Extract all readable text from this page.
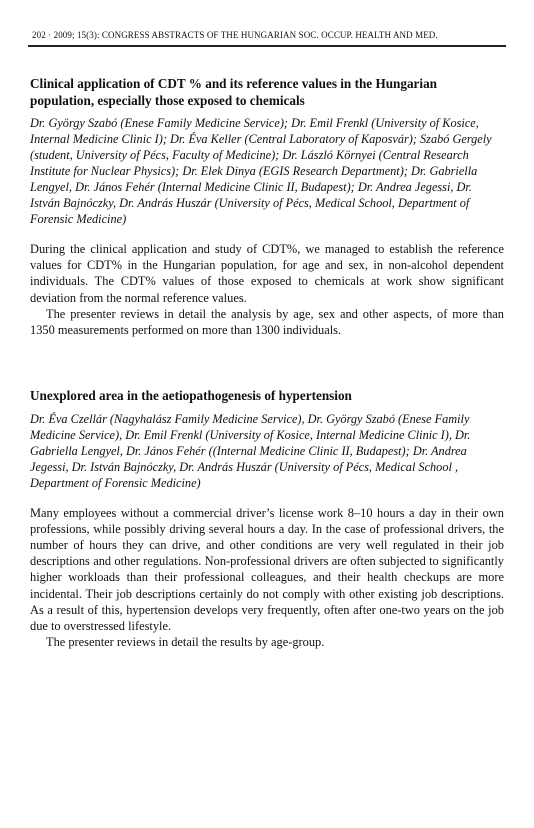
202 · 2009; 15(3): CONGRESS ABSTRACTS OF THE HUNGARIAN SOC. OCCUP. HEALTH AND MED.
Clinical application of CDT % and its reference values in the Hungarian population, especially those exposed to chemicals

Dr. György Szabó (Enese Family Medicine Service); Dr. Emil Frenkl (University of Kosice, Internal Medicine Clinic I); Dr. Éva Keller (Central Laboratory of Kaposvár); Szabó Gergely (student, University of Pécs, Faculty of Medicine); Dr. László Környei (Central Research Institute for Nuclear Physics); Dr. Elek Dinya (EGIS Research Department); Dr. Gabriella Lengyel, Dr. János Fehér (Internal Medicine Clinic II, Budapest); Dr. Andrea Jegessi, Dr. István Bajnóczky, Dr. András Huszár (University of Pécs, Medical School, Department of Forensic Medicine)

During the clinical application and study of CDT%, we managed to establish the reference values for CDT% in the Hungarian population, for age and sex, in non-alcohol dependent individuals. The CDT% values of those exposed to chemicals at work show significant deviation from the normal reference values.

The presenter reviews in detail the analysis by age, sex and other aspects, of more than 1350 measurements performed on more than 1300 individuals.

Unexplored area in the aetiopathogenesis of hypertension

Dr. Éva Czellár (Nagyhalász Family Medicine Service), Dr. György Szabó (Enese Family Medicine Service), Dr. Emil Frenkl (University of Kosice, Internal Medicine Clinic I), Dr. Gabriella Lengyel, Dr. János Fehér ((Internal Medicine Clinic II, Budapest); Dr. Andrea Jegessi, Dr. István Bajnóczky, Dr. András Huszár (University of Pécs, Medical School , Department of Forensic Medicine)

Many employees without a commercial driver’s license work 8–10 hours a day in their own professions, while possibly driving several hours a day. In the case of professional drivers, the number of hours they can drive, and other conditions are very well regulated in their job descriptions and other regulations. Non-professional drivers are often subjected to significantly higher workloads than their professional colleagues, and their health checkups are more incidental. Their job descriptions certainly do not comply with other existing job descriptions. As a result of this, hypertension develops very frequently, often after one-two years on the job due to overstressed lifestyle.

The presenter reviews in detail the results by age-group.
